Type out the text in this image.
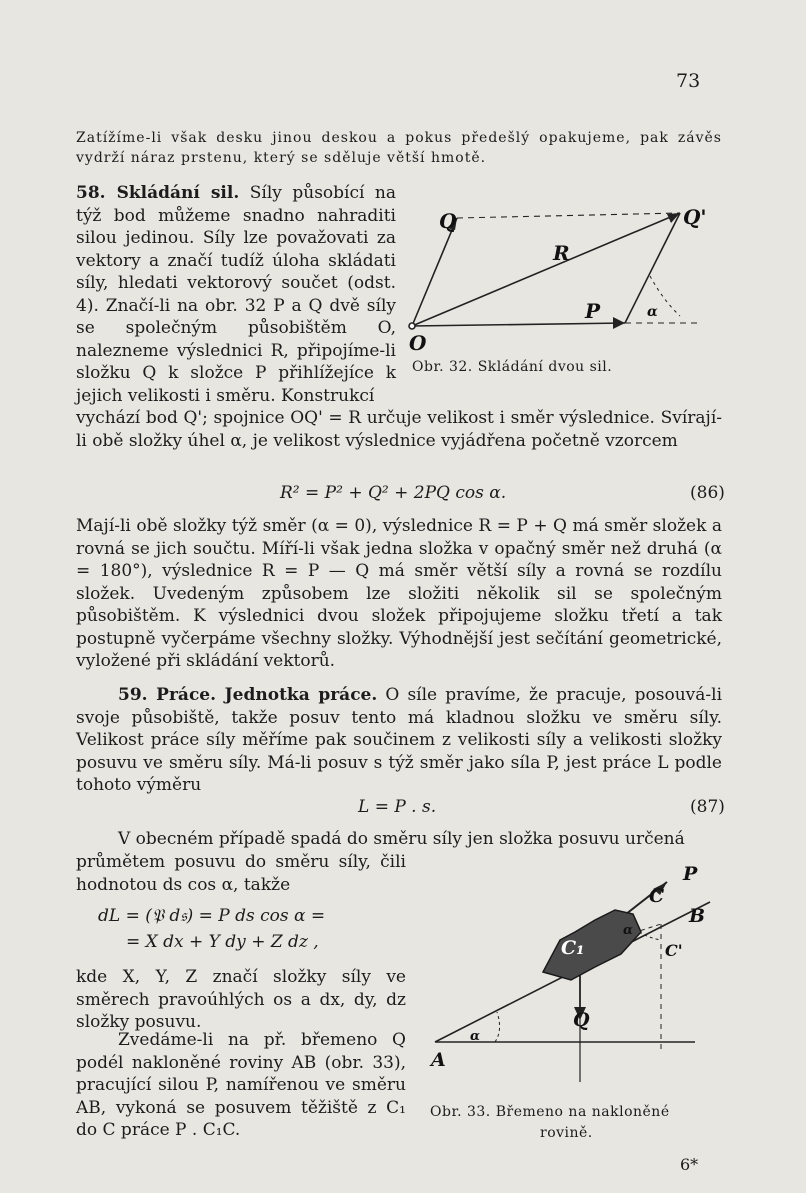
73
Zatížíme-li však desku jinou deskou a pokus předešlý opakujeme, pak závěs vydrží náraz prstenu, který se sděluje větší hmotě.
58. Skládání sil. Síly působící na týž bod můžeme snadno nahraditi silou jedinou. Síly lze považovati za vektory a značí tudíž úloha skládati síly, hledati vektorový součet (odst. 4). Značí-li na obr. 32 P a Q dvě síly se společným působištěm O, nalezneme výslednici R, připojíme-li složku Q k složce P přihlížejíce k jejich velikosti i směru. Konstrukcí
Q	Q'
R
P
O
α
Obr. 32. Skládání dvou sil.
vychází bod Q'; spojnice OQ' = R určuje velikost i směr výslednice. Svírají-li obě složky úhel α, je velikost výslednice vyjádřena početně vzorcem
R² = P² + Q² + 2PQ cos α.	(86)
Mají-li obě složky týž směr (α = 0), výslednice R = P + Q má směr složek a rovná se jich součtu. Míří-li však jedna složka v opačný směr než druhá (α = 180°), výslednice R = P — Q má směr větší síly a rovná se rozdílu složek. Uvedeným způsobem lze složiti několik sil se společným působištěm. K výslednici dvou složek připojujeme složku třetí a tak postupně vyčerpáme všechny složky. Výhodnější jest sečítání geometrické, vyložené při skládání vektorů.
59. Práce. Jednotka práce. O síle pravíme, že pracuje, posouvá-li svoje působiště, takže posuv tento má kladnou složku ve směru síly. Velikost práce síly měříme pak součinem z velikosti síly a velikosti složky posuvu ve směru síly. Má-li posuv s týž směr jako síla P, jest práce L podle tohoto výměru
L = P . s.	(87)
V obecném případě spadá do směru síly jen složka posuvu určená
průmětem posuvu do směru síly, čili hodnotou ds cos α, takže
dL = (𝔓 d𝔰) = P ds cos α =
= X dx + Y dy + Z dz ,
kde X, Y, Z značí složky síly ve směrech pravoúhlých os a dx, dy, dz složky posuvu.
Zvedáme-li na př. břemeno Q podél nakloněné roviny AB (obr. 33), pracující silou P, namířenou ve směru AB, vykoná se posuvem těžiště z C₁ do C práce P . C₁C.
P
C
B
C₁	C'
Q
A
α
α
Obr. 33. Břemeno na nakloněné
rovině.
6*
